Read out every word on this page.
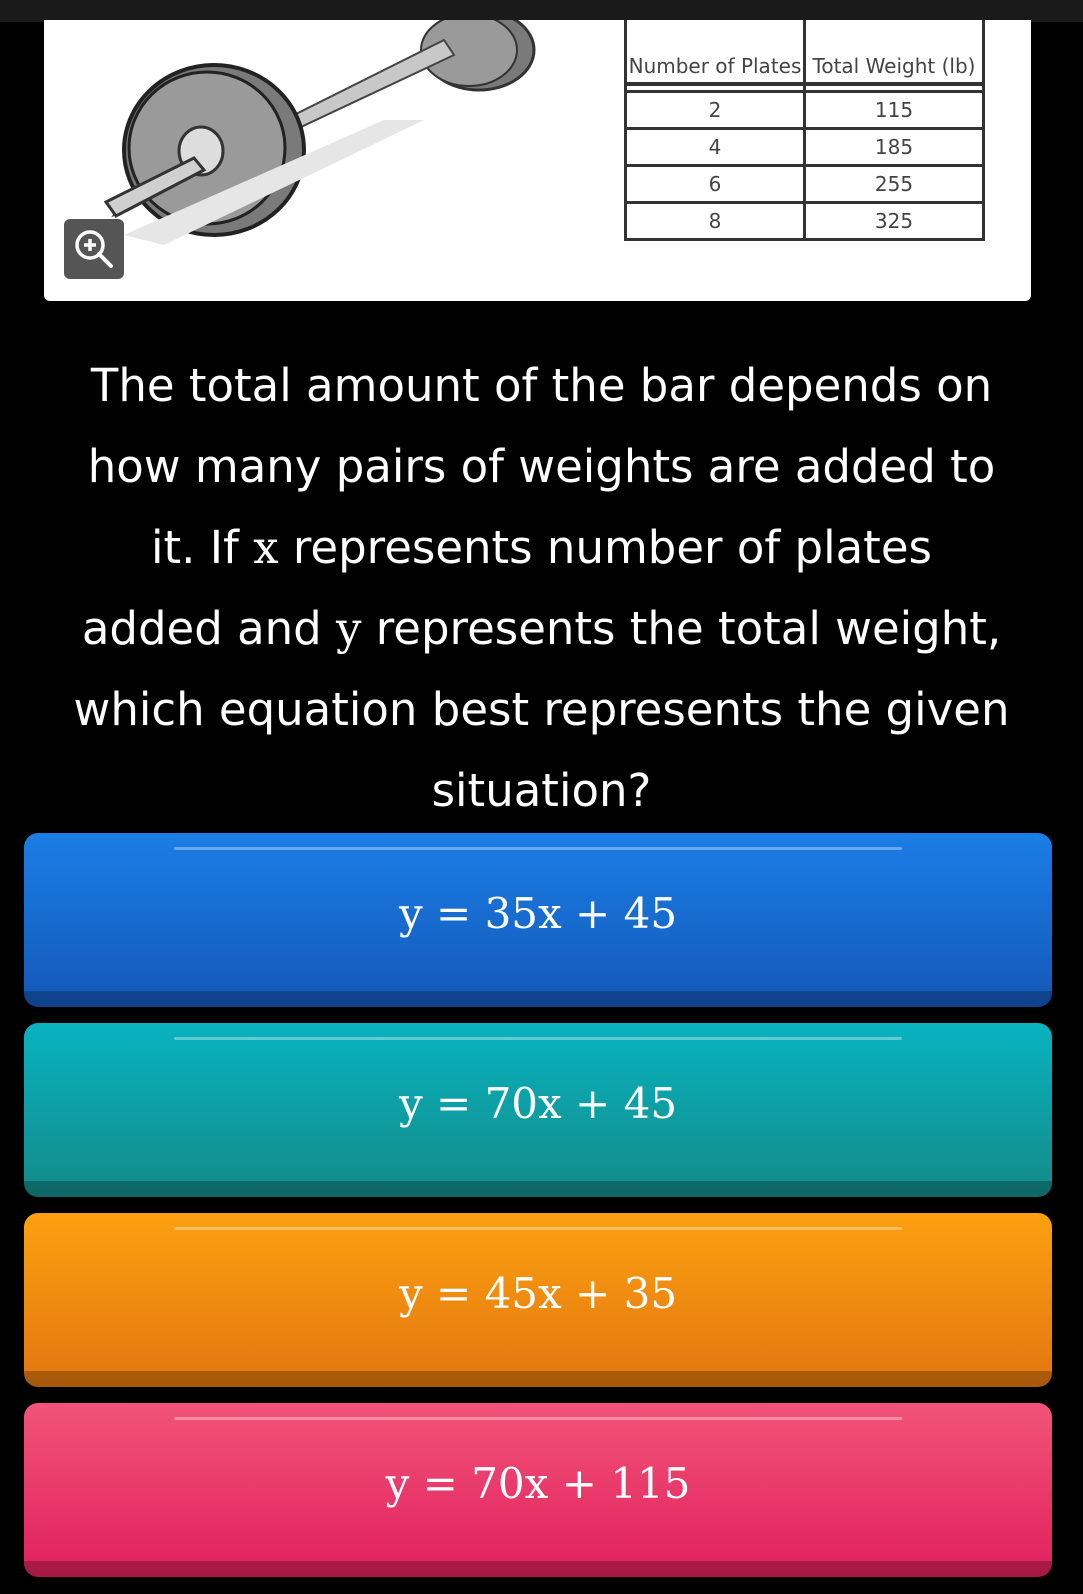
Number of Plates	Total Weight (lb)

2	115
4	185
6	255
8	325
The total amount of the bar depends on
how many pairs of weights are added to
it. If x represents number of plates
added and y represents the total weight,
which equation best represents the given
situation?
y = 35x + 45
y = 70x + 45
y = 45x + 35
y = 70x + 115
